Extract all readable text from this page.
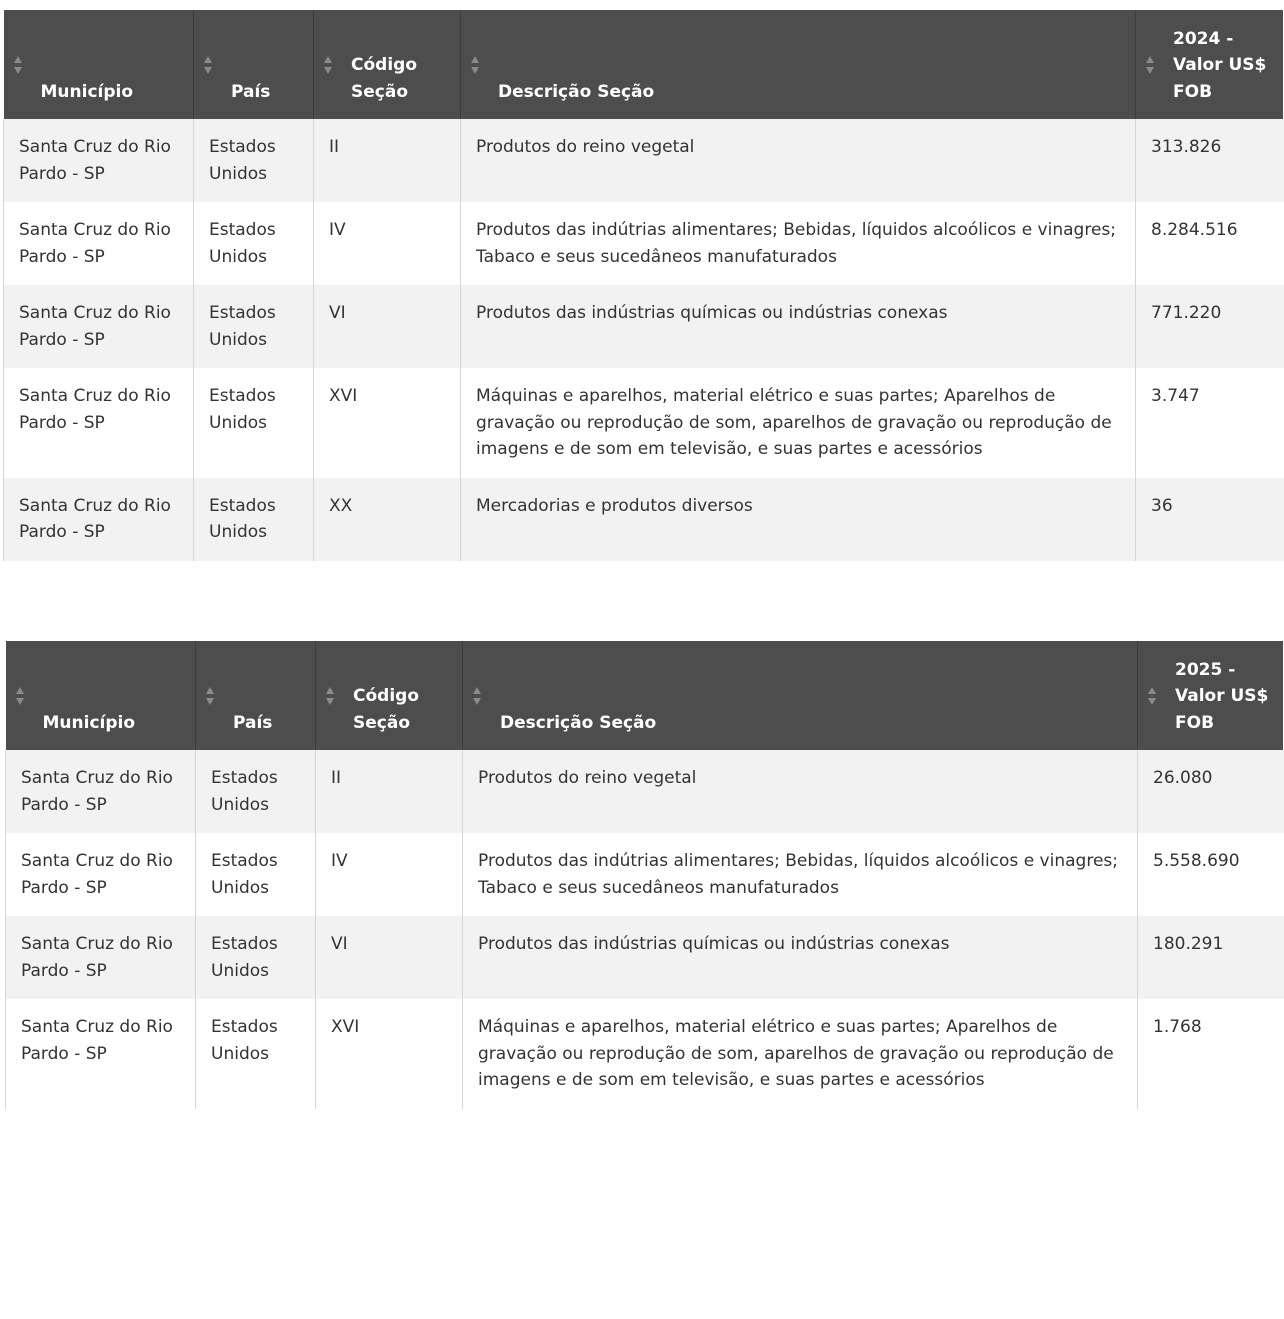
Município	País	Código Seção	Descrição Seção	2024 - Valor US$ FOB
Santa Cruz do Rio Pardo - SP	Estados Unidos	II	Produtos do reino vegetal	313.826
Santa Cruz do Rio Pardo - SP	Estados Unidos	IV	Produtos das indútrias alimentares; Bebidas, líquidos alcoólicos e vinagres; Tabaco e seus sucedâneos manufaturados	8.284.516
Santa Cruz do Rio Pardo - SP	Estados Unidos	VI	Produtos das indústrias químicas ou indústrias conexas	771.220
Santa Cruz do Rio Pardo - SP	Estados Unidos	XVI	Máquinas e aparelhos, material elétrico e suas partes; Aparelhos de gravação ou reprodução de som, aparelhos de gravação ou reprodução de imagens e de som em televisão, e suas partes e acessórios	3.747
Santa Cruz do Rio Pardo - SP	Estados Unidos	XX	Mercadorias e produtos diversos	36
Município	País	Código Seção	Descrição Seção	2025 - Valor US$ FOB
Santa Cruz do Rio Pardo - SP	Estados Unidos	II	Produtos do reino vegetal	26.080
Santa Cruz do Rio Pardo - SP	Estados Unidos	IV	Produtos das indútrias alimentares; Bebidas, líquidos alcoólicos e vinagres; Tabaco e seus sucedâneos manufaturados	5.558.690
Santa Cruz do Rio Pardo - SP	Estados Unidos	VI	Produtos das indústrias químicas ou indústrias conexas	180.291
Santa Cruz do Rio Pardo - SP	Estados Unidos	XVI	Máquinas e aparelhos, material elétrico e suas partes; Aparelhos de gravação ou reprodução de som, aparelhos de gravação ou reprodução de imagens e de som em televisão, e suas partes e acessórios	1.768
